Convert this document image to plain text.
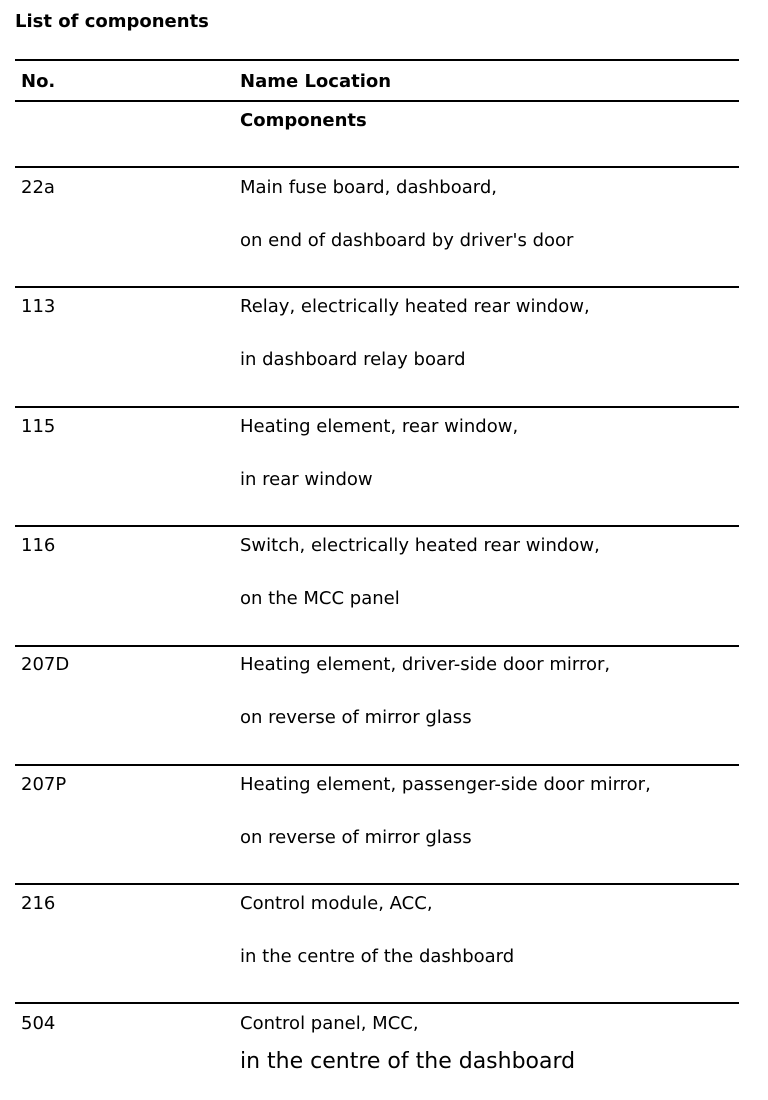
List of components
No.	Name Location
Components
22a	Main fuse board, dashboard,
on end of dashboard by driver's door
113	Relay, electrically heated rear window,
in dashboard relay board
115	Heating element, rear window,
in rear window
116	Switch, electrically heated rear window,
on the MCC panel
207D	Heating element, driver-side door mirror,
on reverse of mirror glass
207P	Heating element, passenger-side door mirror,
on reverse of mirror glass
216	Control module, ACC,
in the centre of the dashboard
504	Control panel, MCC,
in the centre of the dashboard
